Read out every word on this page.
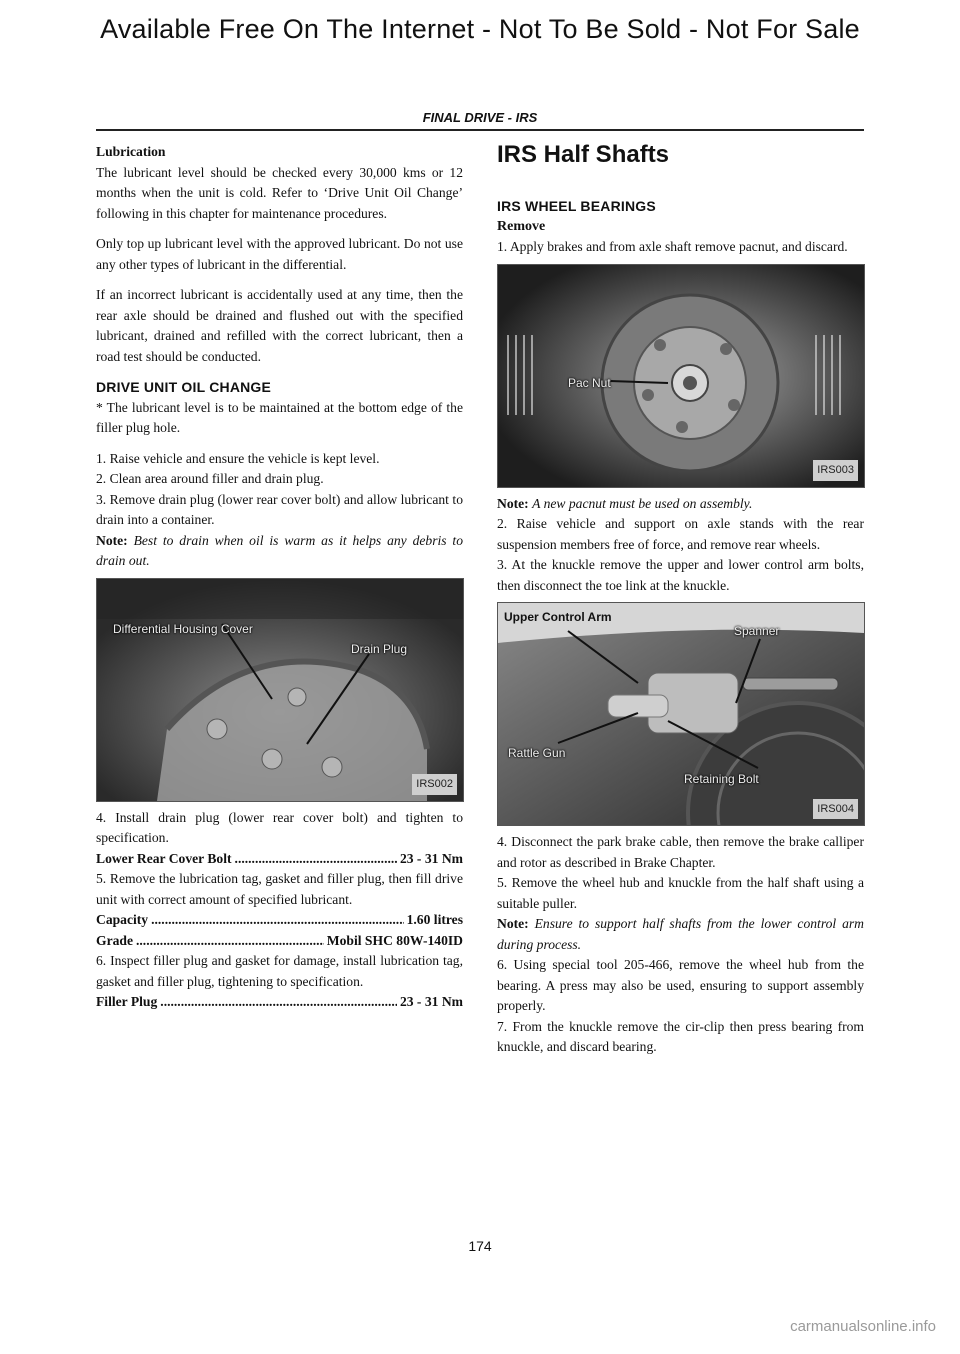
Available Free On The Internet - Not To Be Sold - Not For Sale
FINAL DRIVE - IRS

Lubrication

The lubricant level should be checked every 30,000 kms or 12 months when the unit is cold. Refer to ‘Drive Unit Oil Change’ following in this chapter for maintenance procedures.

Only top up lubricant level with the approved lubricant. Do not use any other types of lubricant in the differential.

If an incorrect lubricant is accidentally used at any time, then the rear axle should be drained and flushed out with the specified lubricant, drained and refilled with the correct lubricant, then a road test should be conducted.

DRIVE UNIT OIL CHANGE

* The lubricant level is to be maintained at the bottom edge of the filler plug hole.

1. Raise vehicle and ensure the vehicle is kept level.

2. Clean area around filler and drain plug.

3. Remove drain plug (lower rear cover bolt) and allow lubricant to drain into a container.

Note: Best to drain when oil is warm as it helps any debris to drain out.

Differential Housing Cover
Drain Plug
IRS002

4. Install drain plug (lower rear cover bolt) and tighten to specification.

Lower Rear Cover Bolt .....	23 - 31 Nm

5. Remove the lubrication tag, gasket and filler plug, then fill drive unit with correct amount of specified lubricant.

Capacity .....	1.60 litres
Grade .....	Mobil SHC 80W-140ID

6. Inspect filler plug and gasket for damage, install lubrication tag, gasket and filler plug, tightening to specification.

Filler Plug .....	23 - 31 Nm

IRS Half Shafts

IRS WHEEL BEARINGS

Remove

1. Apply brakes and from axle shaft remove pacnut, and discard.

Pac Nut
IRS003

Note: A new pacnut must be used on assembly.

2. Raise vehicle and support on axle stands with the rear suspension members free of force, and remove rear wheels.

3. At the knuckle remove the upper and lower control arm bolts, then disconnect the toe link at the knuckle.

Upper Control Arm
Spanner
Rattle Gun
Retaining Bolt
IRS004

4. Disconnect the park brake cable, then remove the brake calliper and rotor as described in Brake Chapter.

5. Remove the wheel hub and knuckle from the half shaft using a suitable puller.

Note: Ensure to support half shafts from the lower control arm during process.

6. Using special tool 205-466, remove the wheel hub from the bearing. A press may also be used, ensuring to support assembly properly.

7. From the knuckle remove the cir-clip then press bearing from knuckle, and discard bearing.

174
carmanualsonline.info
